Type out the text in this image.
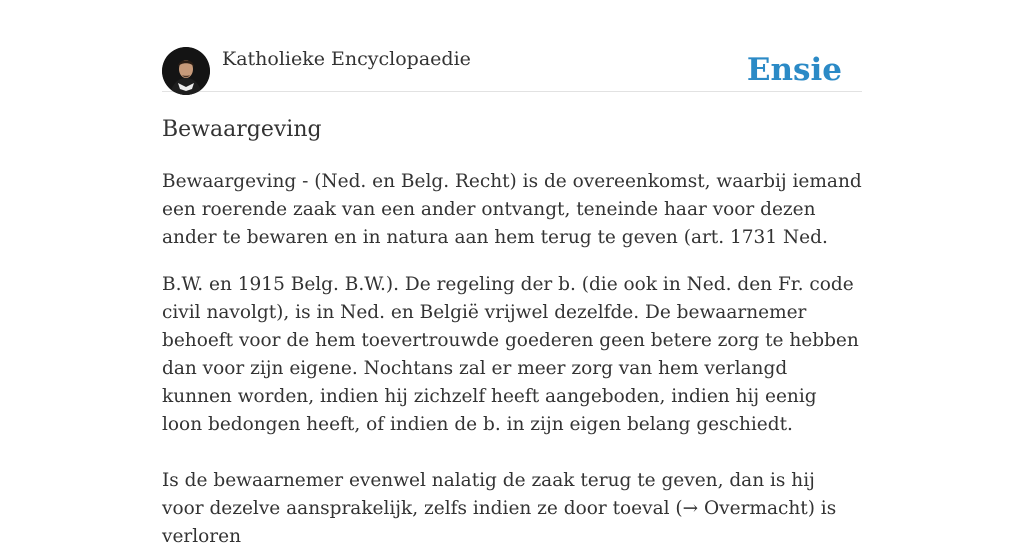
Katholieke Encyclopaedie	Ensie
Bewaargeving

Bewaargeving - (Ned. en Belg. Recht) is de overeenkomst, waarbij iemand een roerende zaak van een ander ontvangt, teneinde haar voor dezen ander te bewaren en in natura aan hem terug te geven (art. 1731 Ned.

B.W. en 1915 Belg. B.W.). De regeling der b. (die ook in Ned. den Fr. code civil navolgt), is in Ned. en België vrijwel dezelfde. De bewaarnemer behoeft voor de hem toevertrouwde goederen geen betere zorg te hebben dan voor zijn eigene. Nochtans zal er meer zorg van hem verlangd kunnen worden, indien hij zichzelf heeft aangeboden, indien hij eenig loon bedongen heeft, of indien de b. in zijn eigen belang geschiedt.

Is de bewaarnemer evenwel nalatig de zaak terug te geven, dan is hij voor dezelve aansprakelijk, zelfs indien ze door toeval (→ Overmacht) is verloren
